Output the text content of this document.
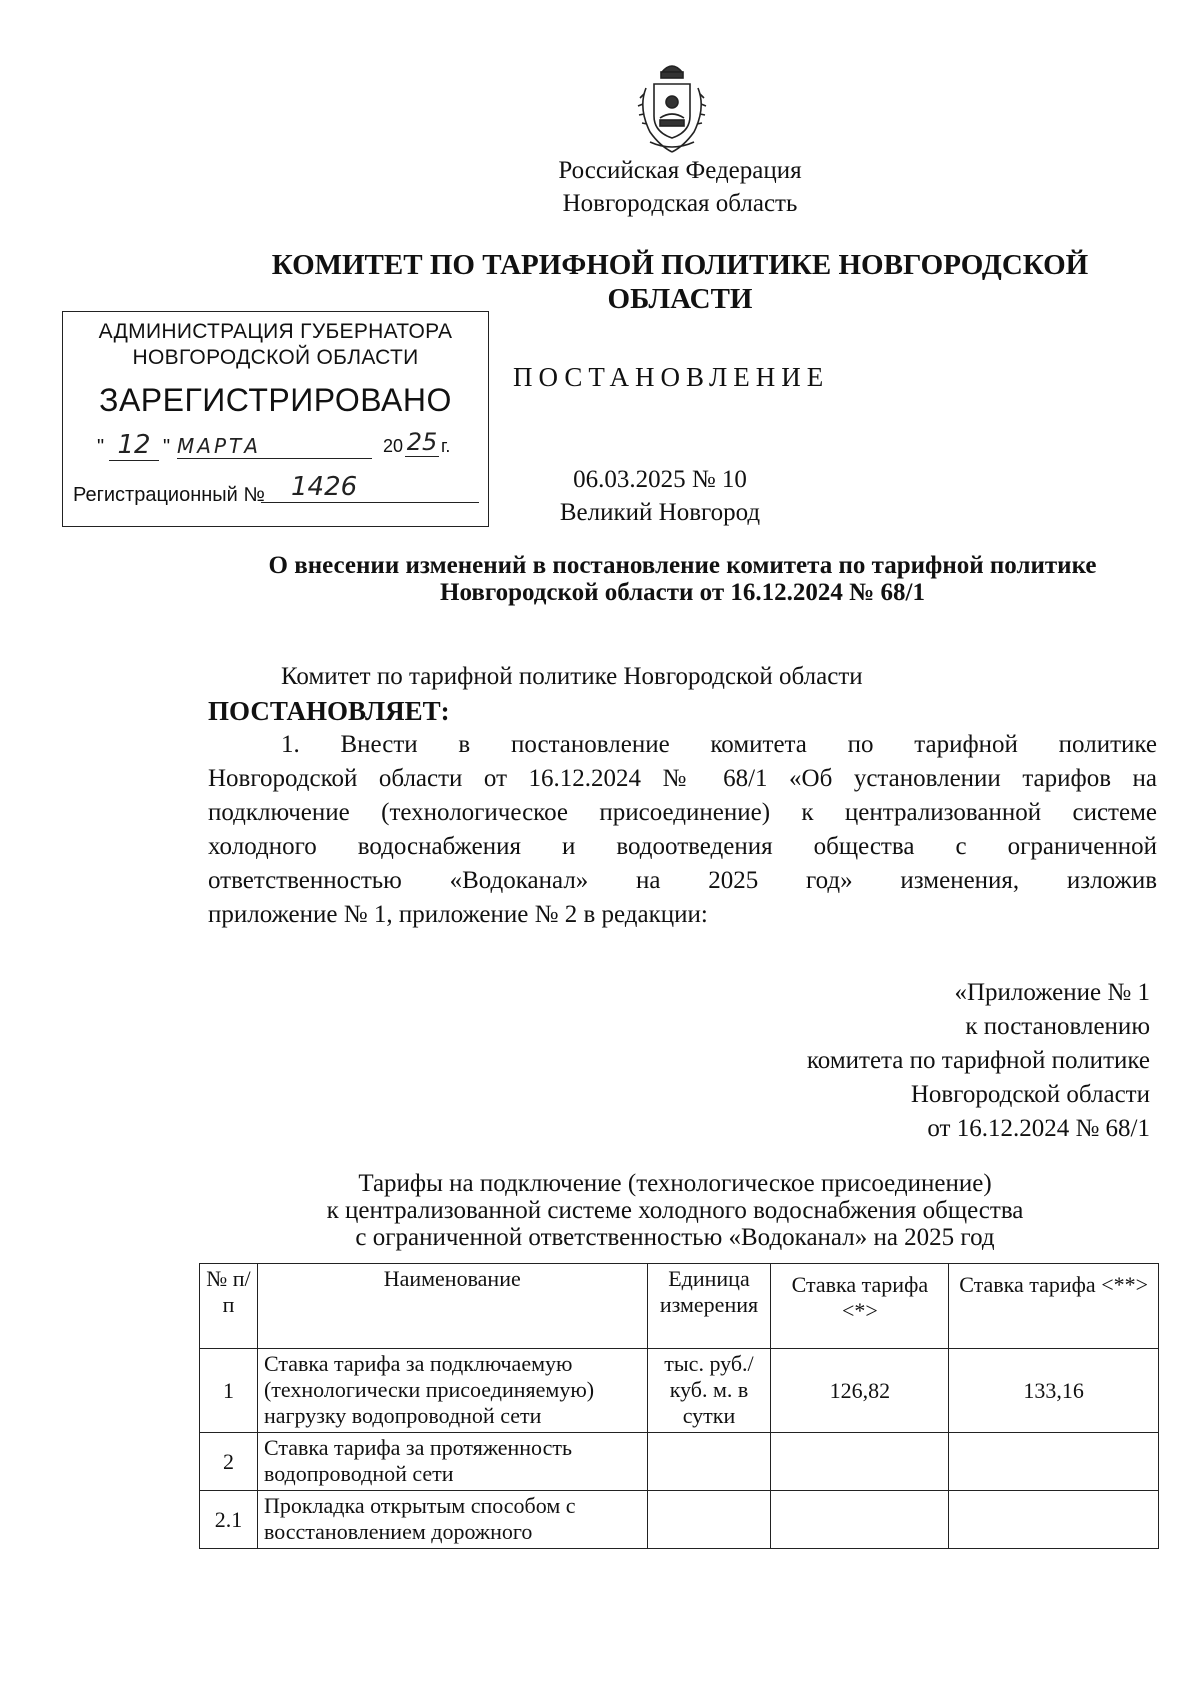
Российская Федерация
Новгородская область
КОМИТЕТ ПО ТАРИФНОЙ ПОЛИТИКЕ НОВГОРОДСКОЙ ОБЛАСТИ
АДМИНИСТРАЦИЯ ГУБЕРНАТОРА
НОВГОРОДСКОЙ ОБЛАСТИ
ЗАРЕГИСТРИРОВАНО
" 12 " МАРТА	20 25 г.
Регистрационный №	1426
ПОСТАНОВЛЕНИЕ
06.03.2025 № 10
Великий Новгород
О внесении изменений в постановление комитета по тарифной политике Новгородской области от 16.12.2024 № 68/1

Комитет по тарифной политике Новгородской области

ПОСТАНОВЛЯЕТ:

1. Внести в постановление комитета по тарифной политике

Новгородской области от 16.12.2024 № 68/1 «Об установлении тарифов на

подключение (технологическое присоединение) к централизованной системе

холодного водоснабжения и водоотведения общества с ограниченной

ответственностью «Водоканал» на 2025 год» изменения, изложив

приложение № 1, приложение № 2 в редакции:

«Приложение № 1
к постановлению
комитета по тарифной политике
Новгородской области
от 16.12.2024 № 68/1
Тарифы на подключение (технологическое присоединение)
к централизованной системе холодного водоснабжения общества
с ограниченной ответственностью «Водоканал» на 2025 год
№ п/п	Наименование	Единица измерения	Ставка тарифа <*>	Ставка тарифа <**>
1	Ставка тарифа за подключаемую (технологически присоединяемую) нагрузку водопроводной сети	тыс. руб./ куб. м. в сутки	126,82	133,16
2	Ставка тарифа за протяженность водопроводной сети			
2.1	Прокладка открытым способом с восстановлением дорожного			
